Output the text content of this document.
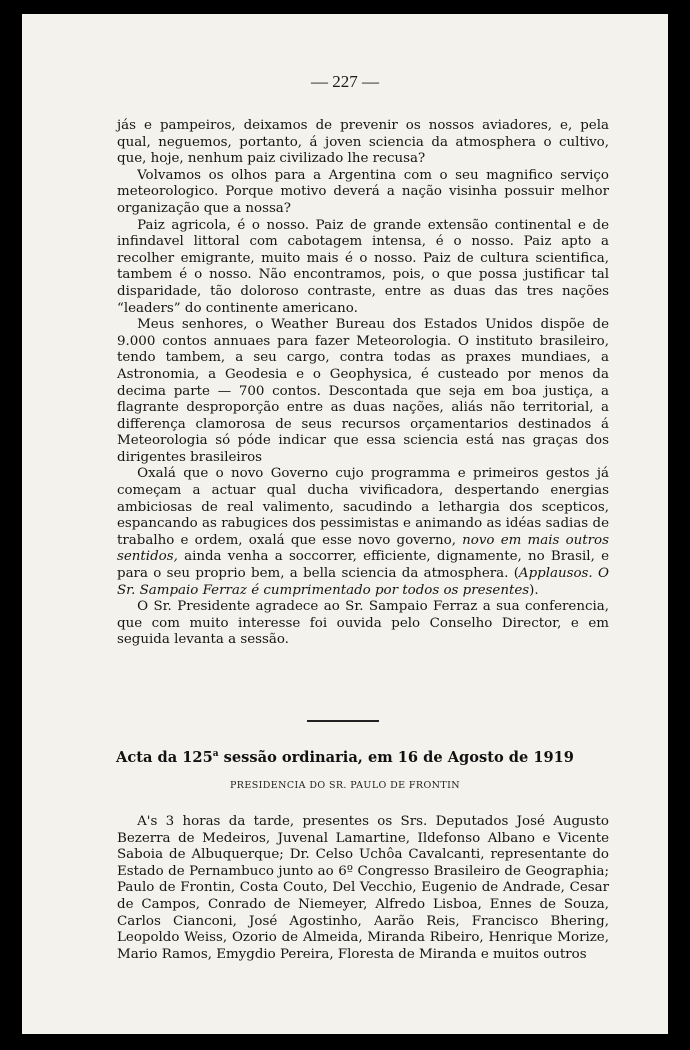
— 227 —

jás e pampeiros, deixamos de prevenir os nossos aviadores, e, pela qual, neguemos, portanto, á joven sciencia da atmosphera o cultivo, que, hoje, nenhum paiz civilizado lhe recusa?

Volvamos os olhos para a Argentina com o seu magnifico serviço meteorologico. Porque motivo deverá a nação visinha possuir melhor organização que a nossa?

Paiz agricola, é o nosso. Paiz de grande extensão continental e de infindavel littoral com cabotagem intensa, é o nosso. Paiz apto a recolher emigrante, muito mais é o nosso. Paiz de cultura scientifica, tambem é o nosso. Não encontramos, pois, o que possa justificar tal disparidade, tão doloroso contraste, entre as duas das tres nações “leaders” do continente americano.

Meus senhores, o Weather Bureau dos Estados Unidos dispõe de 9.000 contos annuaes para fazer Meteorologia. O instituto brasileiro, tendo tambem, a seu cargo, contra todas as praxes mundiaes, a Astronomia, a Geodesia e o Geophysica, é custeado por menos da decima parte — 700 contos. Descontada que seja em boa justiça, a flagrante desproporção entre as duas nações, aliás não territorial, a differença clamorosa de seus recursos orçamentarios destinados á Meteorologia só póde indicar que essa sciencia está nas graças dos dirigentes brasileiros

Oxalá que o novo Governo cujo programma e primeiros gestos já começam a actuar qual ducha vivificadora, despertando energias ambiciosas de real valimento, sacudindo a lethargia dos scepticos, espancando as rabugices dos pessimistas e animando as idéas sadias de trabalho e ordem, oxalá que esse novo governo, novo em mais outros sentidos, ainda venha a soccorrer, efficiente, dignamente, no Brasil, e para o seu proprio bem, a bella sciencia da atmosphera. (Applausos. O Sr. Sampaio Ferraz é cumprimentado por todos os presentes).

O Sr. Presidente agradece ao Sr. Sampaio Ferraz a sua conferencia, que com muito interesse foi ouvida pelo Conselho Director, e em seguida levanta a sessão.

Acta da 125$^a$ sessão ordinaria, em 16 de Agosto de 1919
PRESIDENCIA DO SR. PAULO DE FRONTIN

A's 3 horas da tarde, presentes os Srs. Deputados José Augusto Bezerra de Medeiros, Juvenal Lamartine, Ildefonso Albano e Vicente Saboia de Albuquerque; Dr. Celso Uchôa Cavalcanti, representante do Estado de Pernambuco junto ao 6º Congresso Brasileiro de Geographia; Paulo de Frontin, Costa Couto, Del Vecchio, Eugenio de Andrade, Cesar de Campos, Conrado de Niemeyer, Alfredo Lisboa, Ennes de Souza, Carlos Cianconi, José Agostinho, Aarão Reis, Francisco Bhering, Leopoldo Weiss, Ozorio de Almeida, Miranda Ribeiro, Henrique Morize, Mario Ramos, Emygdio Pereira, Floresta de Miranda e muitos outros
